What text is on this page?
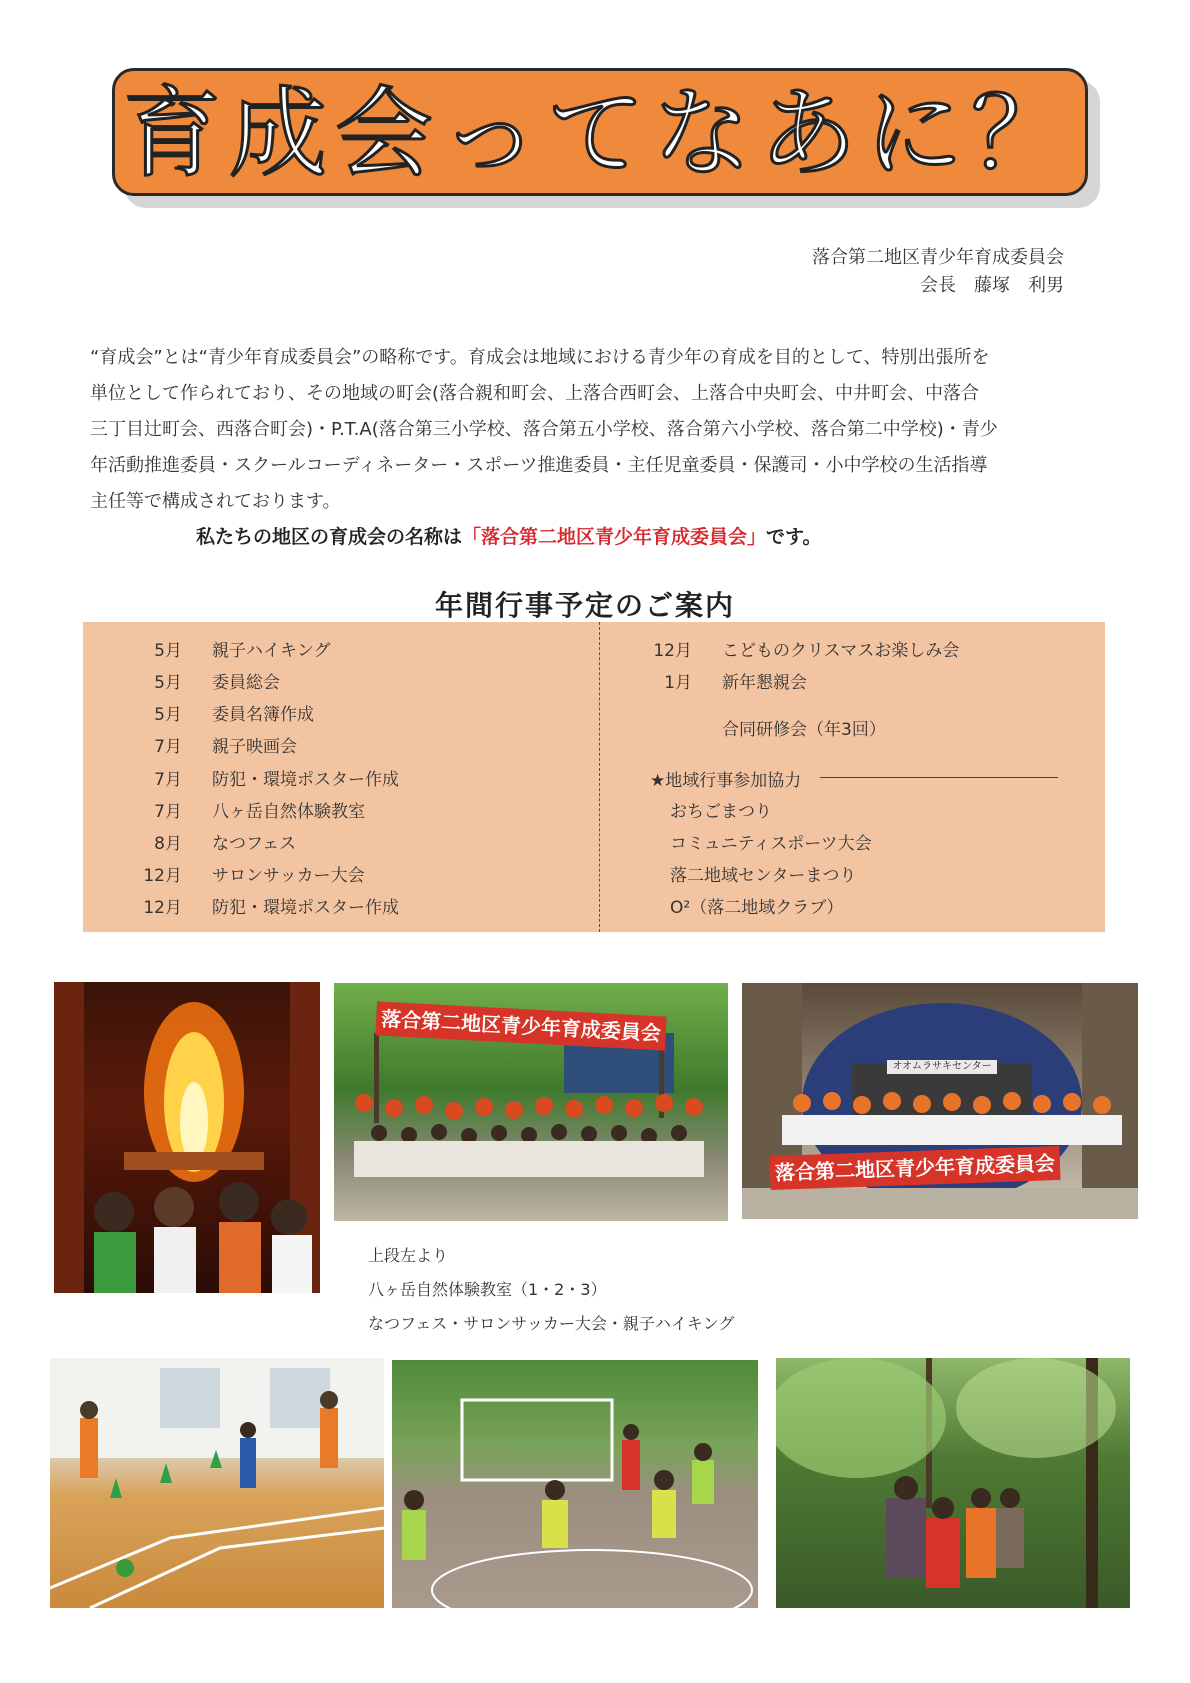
育成会ってなあに？
落合第二地区青少年育成委員会
会長　藤塚　利男

“育成会”とは“青少年育成委員会”の略称です。育成会は地域における青少年の育成を目的として、特別出張所を

単位として作られており、その地域の町会(落合親和町会、上落合西町会、上落合中央町会、中井町会、中落合

三丁目辻町会、西落合町会)・P.T.A(落合第三小学校、落合第五小学校、落合第六小学校、落合第二中学校)・青少

年活動推進委員・スクールコーディネーター・スポーツ推進委員・主任児童委員・保護司・小中学校の生活指導

主任等で構成されております。

私たちの地区の育成会の名称は「落合第二地区青少年育成委員会」です。
年間行事予定のご案内
5月 親子ハイキング
5月 委員総会
5月 委員名簿作成
7月 親子映画会
7月 防犯・環境ポスター作成
7月 八ヶ岳自然体験教室
8月 なつフェス
12月 サロンサッカー大会
12月 防犯・環境ポスター作成
12月 こどものクリスマスお楽しみ会
1月 新年懇親会
合同研修会（年3回）
★地域行事参加協力
おちごまつり
コミュニティスポーツ大会
落二地域センターまつり
O²（落二地域クラブ）
落合第二地区青少年育成委員会
オオムラサキセンター
落合第二地区青少年育成委員会
上段左より
八ヶ岳自然体験教室（1・2・3）
なつフェス・サロンサッカー大会・親子ハイキング
